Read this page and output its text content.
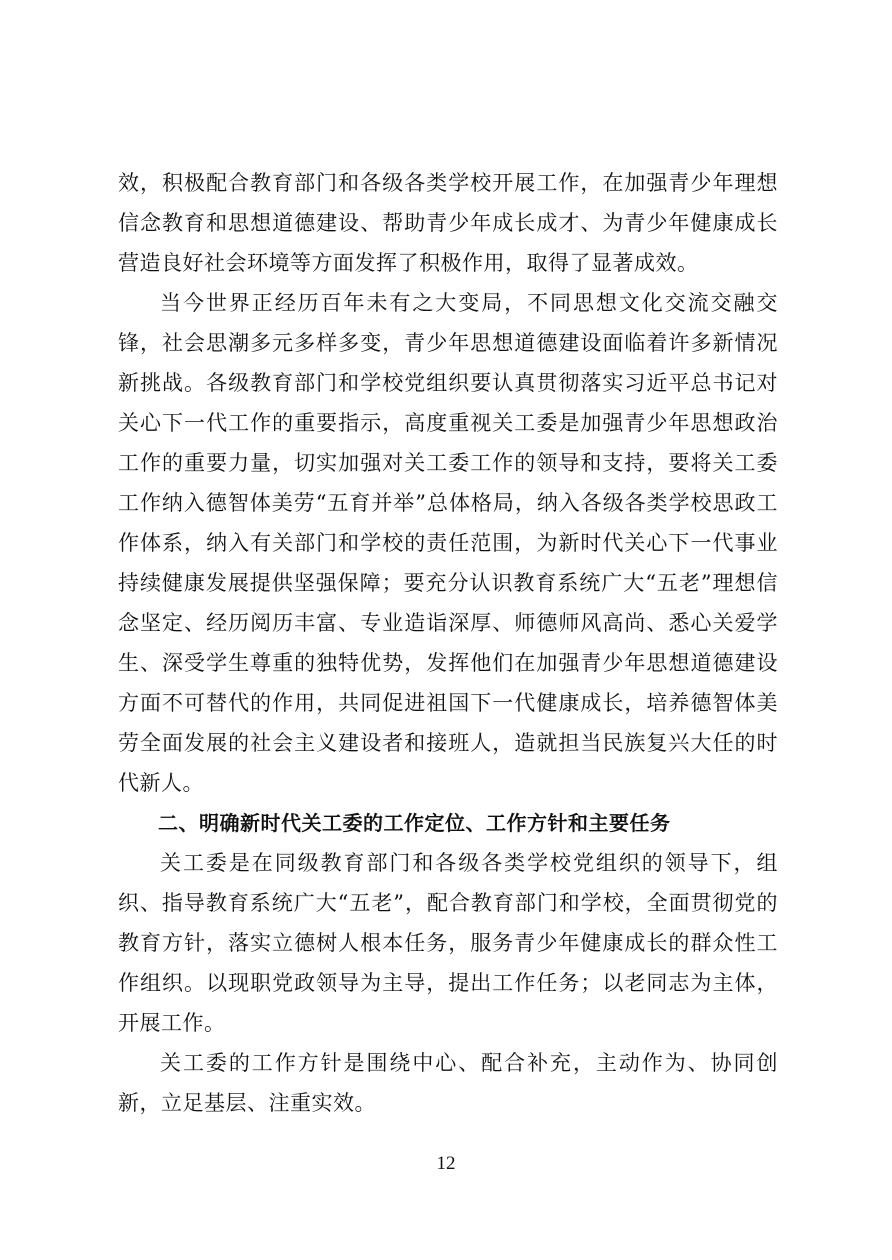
效，积极配合教育部门和各级各类学校开展工作，在加强青少年理想信念教育和思想道德建设、帮助青少年成长成才、为青少年健康成长营造良好社会环境等方面发挥了积极作用，取得了显著成效。

当今世界正经历百年未有之大变局，不同思想文化交流交融交锋，社会思潮多元多样多变，青少年思想道德建设面临着许多新情况新挑战。各级教育部门和学校党组织要认真贯彻落实习近平总书记对关心下一代工作的重要指示，高度重视关工委是加强青少年思想政治工作的重要力量，切实加强对关工委工作的领导和支持，要将关工委工作纳入德智体美劳“五育并举”总体格局，纳入各级各类学校思政工作体系，纳入有关部门和学校的责任范围，为新时代关心下一代事业持续健康发展提供坚强保障；要充分认识教育系统广大“五老”理想信念坚定、经历阅历丰富、专业造诣深厚、师德师风高尚、悉心关爱学生、深受学生尊重的独特优势，发挥他们在加强青少年思想道德建设方面不可替代的作用，共同促进祖国下一代健康成长，培养德智体美劳全面发展的社会主义建设者和接班人，造就担当民族复兴大任的时代新人。

二、明确新时代关工委的工作定位、工作方针和主要任务

关工委是在同级教育部门和各级各类学校党组织的领导下，组织、指导教育系统广大“五老”，配合教育部门和学校，全面贯彻党的教育方针，落实立德树人根本任务，服务青少年健康成长的群众性工作组织。以现职党政领导为主导，提出工作任务；以老同志为主体，开展工作。

关工委的工作方针是围绕中心、配合补充，主动作为、协同创新，立足基层、注重实效。

12
